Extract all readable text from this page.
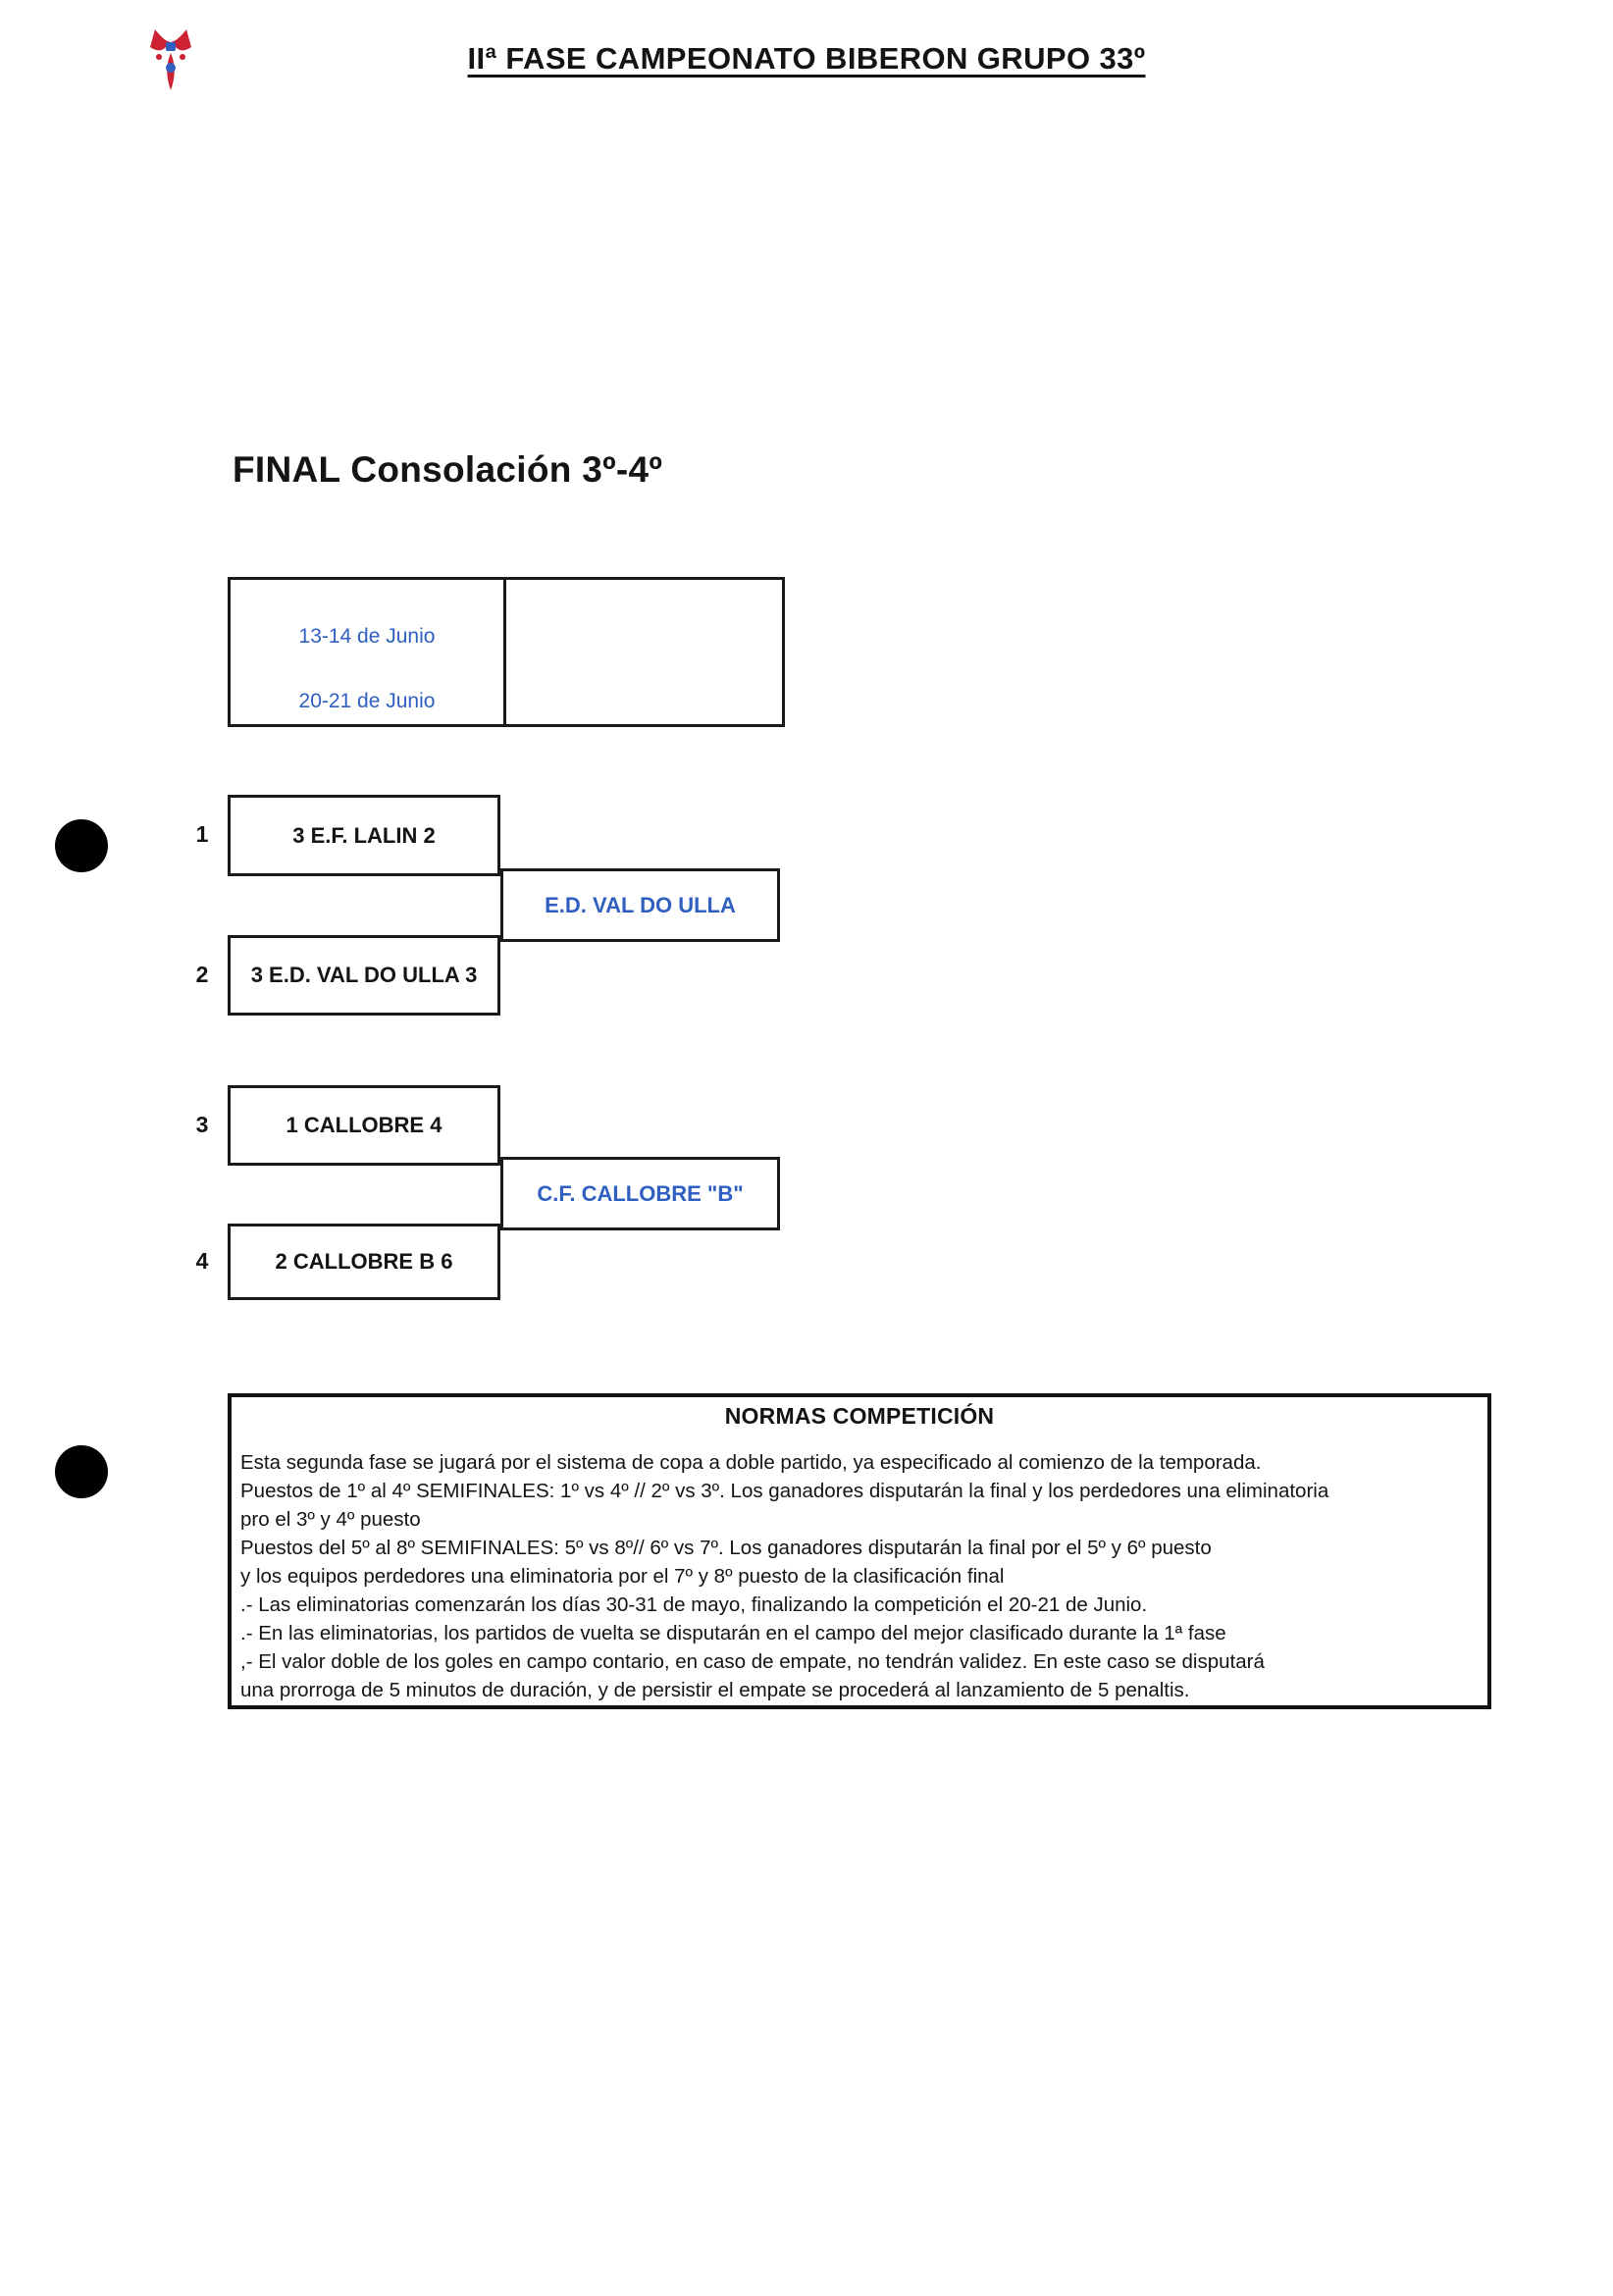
IIª FASE CAMPEONATO BIBERON GRUPO 33º
FINAL Consolación 3º-4º
13-14 de Junio
20-21 de Junio
1	3 E.F. LALIN 2
E.D. VAL DO ULLA
2	3 E.D. VAL DO ULLA 3
3	1 CALLOBRE 4
C.F. CALLOBRE "B"
4	2 CALLOBRE B 6
NORMAS COMPETICIÓN
Esta segunda fase se jugará por el sistema de copa a doble partido, ya especificado al comienzo de la temporada.
Puestos de 1º al 4º SEMIFINALES: 1º vs 4º // 2º vs 3º. Los ganadores disputarán la final y los perdedores una eliminatoria
pro el 3º y 4º puesto
Puestos del 5º al 8º SEMIFINALES: 5º vs 8º// 6º vs 7º. Los ganadores disputarán la final por el 5º y 6º puesto
y los equipos perdedores una eliminatoria por el 7º y 8º puesto de la clasificación final
.- Las eliminatorias comenzarán los días 30-31 de mayo, finalizando la competición el 20-21 de Junio.
.- En las eliminatorias, los partidos de vuelta se disputarán en el campo del mejor clasificado durante la 1ª fase
,- El valor doble de los goles en campo contario, en caso de empate, no tendrán validez. En este caso se disputará
una prorroga de 5 minutos de duración, y de persistir el empate se procederá al lanzamiento de 5 penaltis.
